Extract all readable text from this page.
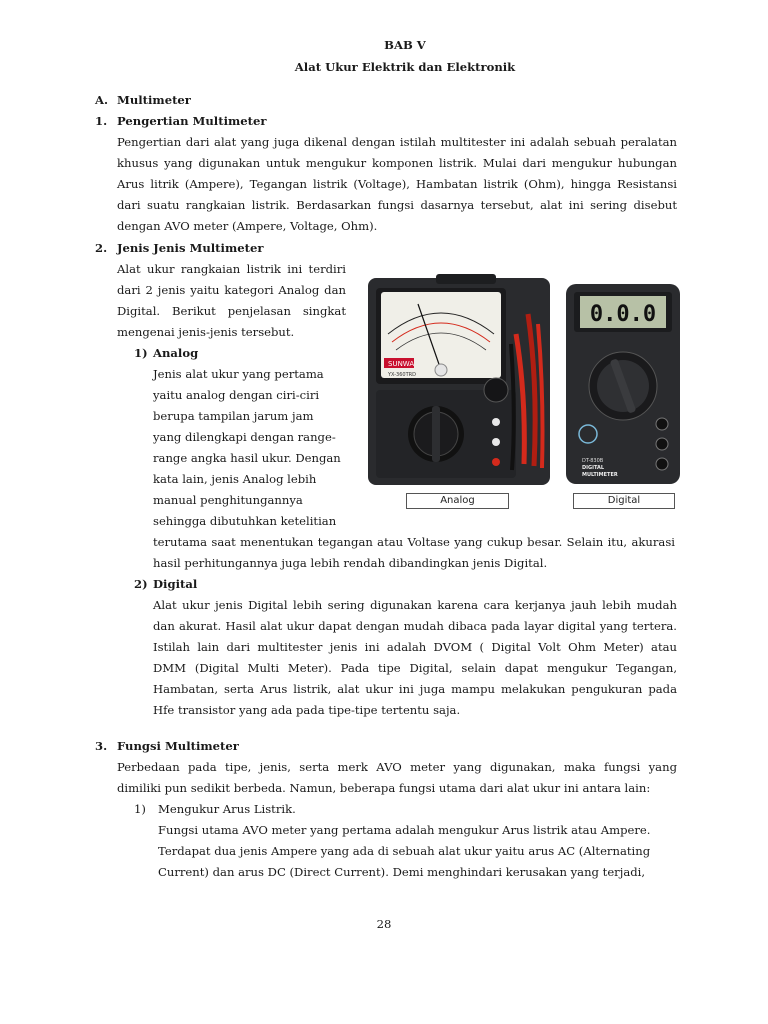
BAB V
Alat Ukur Elektrik dan Elektronik
A. Multimeter
1. Pengertian Multimeter
Pengertian dari alat yang juga dikenal dengan istilah multitester ini adalah sebuah peralatan
khusus yang digunakan untuk mengukur komponen listrik. Mulai dari mengukur hubungan
Arus litrik (Ampere), Tegangan listrik (Voltage), Hambatan listrik (Ohm), hingga Resistansi
dari suatu rangkaian listrik. Berdasarkan fungsi dasarnya tersebut, alat ini sering disebut
dengan AVO meter (Ampere, Voltage, Ohm).
2. Jenis Jenis Multimeter
Alat ukur rangkaian listrik ini terdiri
dari 2 jenis yaitu kategori Analog dan
Digital. Berikut penjelasan singkat
mengenai jenis-jenis tersebut.
1) Analog
Jenis alat ukur yang pertama
yaitu analog dengan ciri-ciri
berupa tampilan jarum jam
yang dilengkapi dengan range-
range angka hasil ukur. Dengan
kata lain, jenis Analog lebih
manual penghitungannya
sehingga dibutuhkan ketelitian
terutama saat menentukan tegangan atau Voltase yang cukup besar. Selain itu, akurasi
hasil perhitungannya juga lebih rendah dibandingkan jenis Digital.
SUNWA
YX-360TRD
0.0.0
DT-830B
DIGITAL
MULTIMETER
Analog	Digital
2) Digital
Alat ukur jenis Digital lebih sering digunakan karena cara kerjanya jauh lebih mudah
dan akurat. Hasil alat ukur dapat dengan mudah dibaca pada layar digital yang tertera.
Istilah lain dari multitester jenis ini adalah DVOM ( Digital Volt Ohm Meter) atau
DMM (Digital Multi Meter). Pada tipe Digital, selain dapat mengukur Tegangan,
Hambatan, serta Arus listrik, alat ukur ini juga mampu melakukan pengukuran pada
Hfe transistor yang ada pada tipe-tipe tertentu saja.
3. Fungsi Multimeter
Perbedaan pada tipe, jenis, serta merk AVO meter yang digunakan, maka fungsi yang
dimiliki pun sedikit berbeda. Namun, beberapa fungsi utama dari alat ukur ini antara lain:
1) Mengukur Arus Listrik.
Fungsi utama AVO meter yang pertama adalah mengukur Arus listrik atau Ampere.
Terdapat dua jenis Ampere yang ada di sebuah alat ukur yaitu arus AC (Alternating
Current) dan arus DC (Direct Current). Demi menghindari kerusakan yang terjadi,
28
